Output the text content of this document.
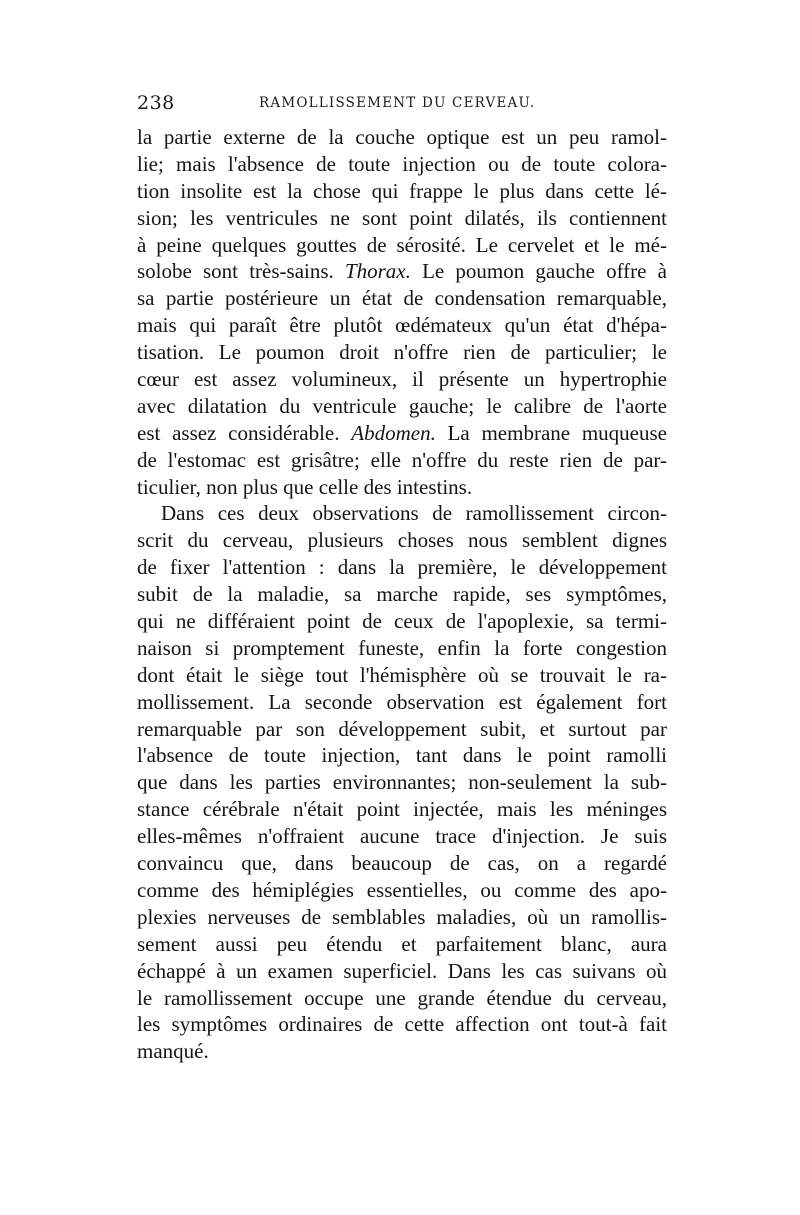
238	RAMOLLISSEMENT DU CERVEAU.
la partie externe de la couche optique est un peu ramol-
lie; mais l'absence de toute injection ou de toute colora-
tion insolite est la chose qui frappe le plus dans cette lé-
sion; les ventricules ne sont point dilatés, ils contiennent
à peine quelques gouttes de sérosité. Le cervelet et le mé-
solobe sont très-sains. Thorax. Le poumon gauche offre à
sa partie postérieure un état de condensation remarquable,
mais qui paraît être plutôt œdémateux qu'un état d'hépa-
tisation. Le poumon droit n'offre rien de particulier; le
cœur est assez volumineux, il présente un hypertrophie
avec dilatation du ventricule gauche; le calibre de l'aorte
est assez considérable. Abdomen. La membrane muqueuse
de l'estomac est grisâtre; elle n'offre du reste rien de par-
ticulier, non plus que celle des intestins.
Dans ces deux observations de ramollissement circon-
scrit du cerveau, plusieurs choses nous semblent dignes
de fixer l'attention : dans la première, le développement
subit de la maladie, sa marche rapide, ses symptômes,
qui ne différaient point de ceux de l'apoplexie, sa termi-
naison si promptement funeste, enfin la forte congestion
dont était le siège tout l'hémisphère où se trouvait le ra-
mollissement. La seconde observation est également fort
remarquable par son développement subit, et surtout par
l'absence de toute injection, tant dans le point ramolli
que dans les parties environnantes; non-seulement la sub-
stance cérébrale n'était point injectée, mais les méninges
elles-mêmes n'offraient aucune trace d'injection. Je suis
convaincu que, dans beaucoup de cas, on a regardé
comme des hémiplégies essentielles, ou comme des apo-
plexies nerveuses de semblables maladies, où un ramollis-
sement aussi peu étendu et parfaitement blanc, aura
échappé à un examen superficiel. Dans les cas suivans où
le ramollissement occupe une grande étendue du cerveau,
les symptômes ordinaires de cette affection ont tout-à fait
manqué.
